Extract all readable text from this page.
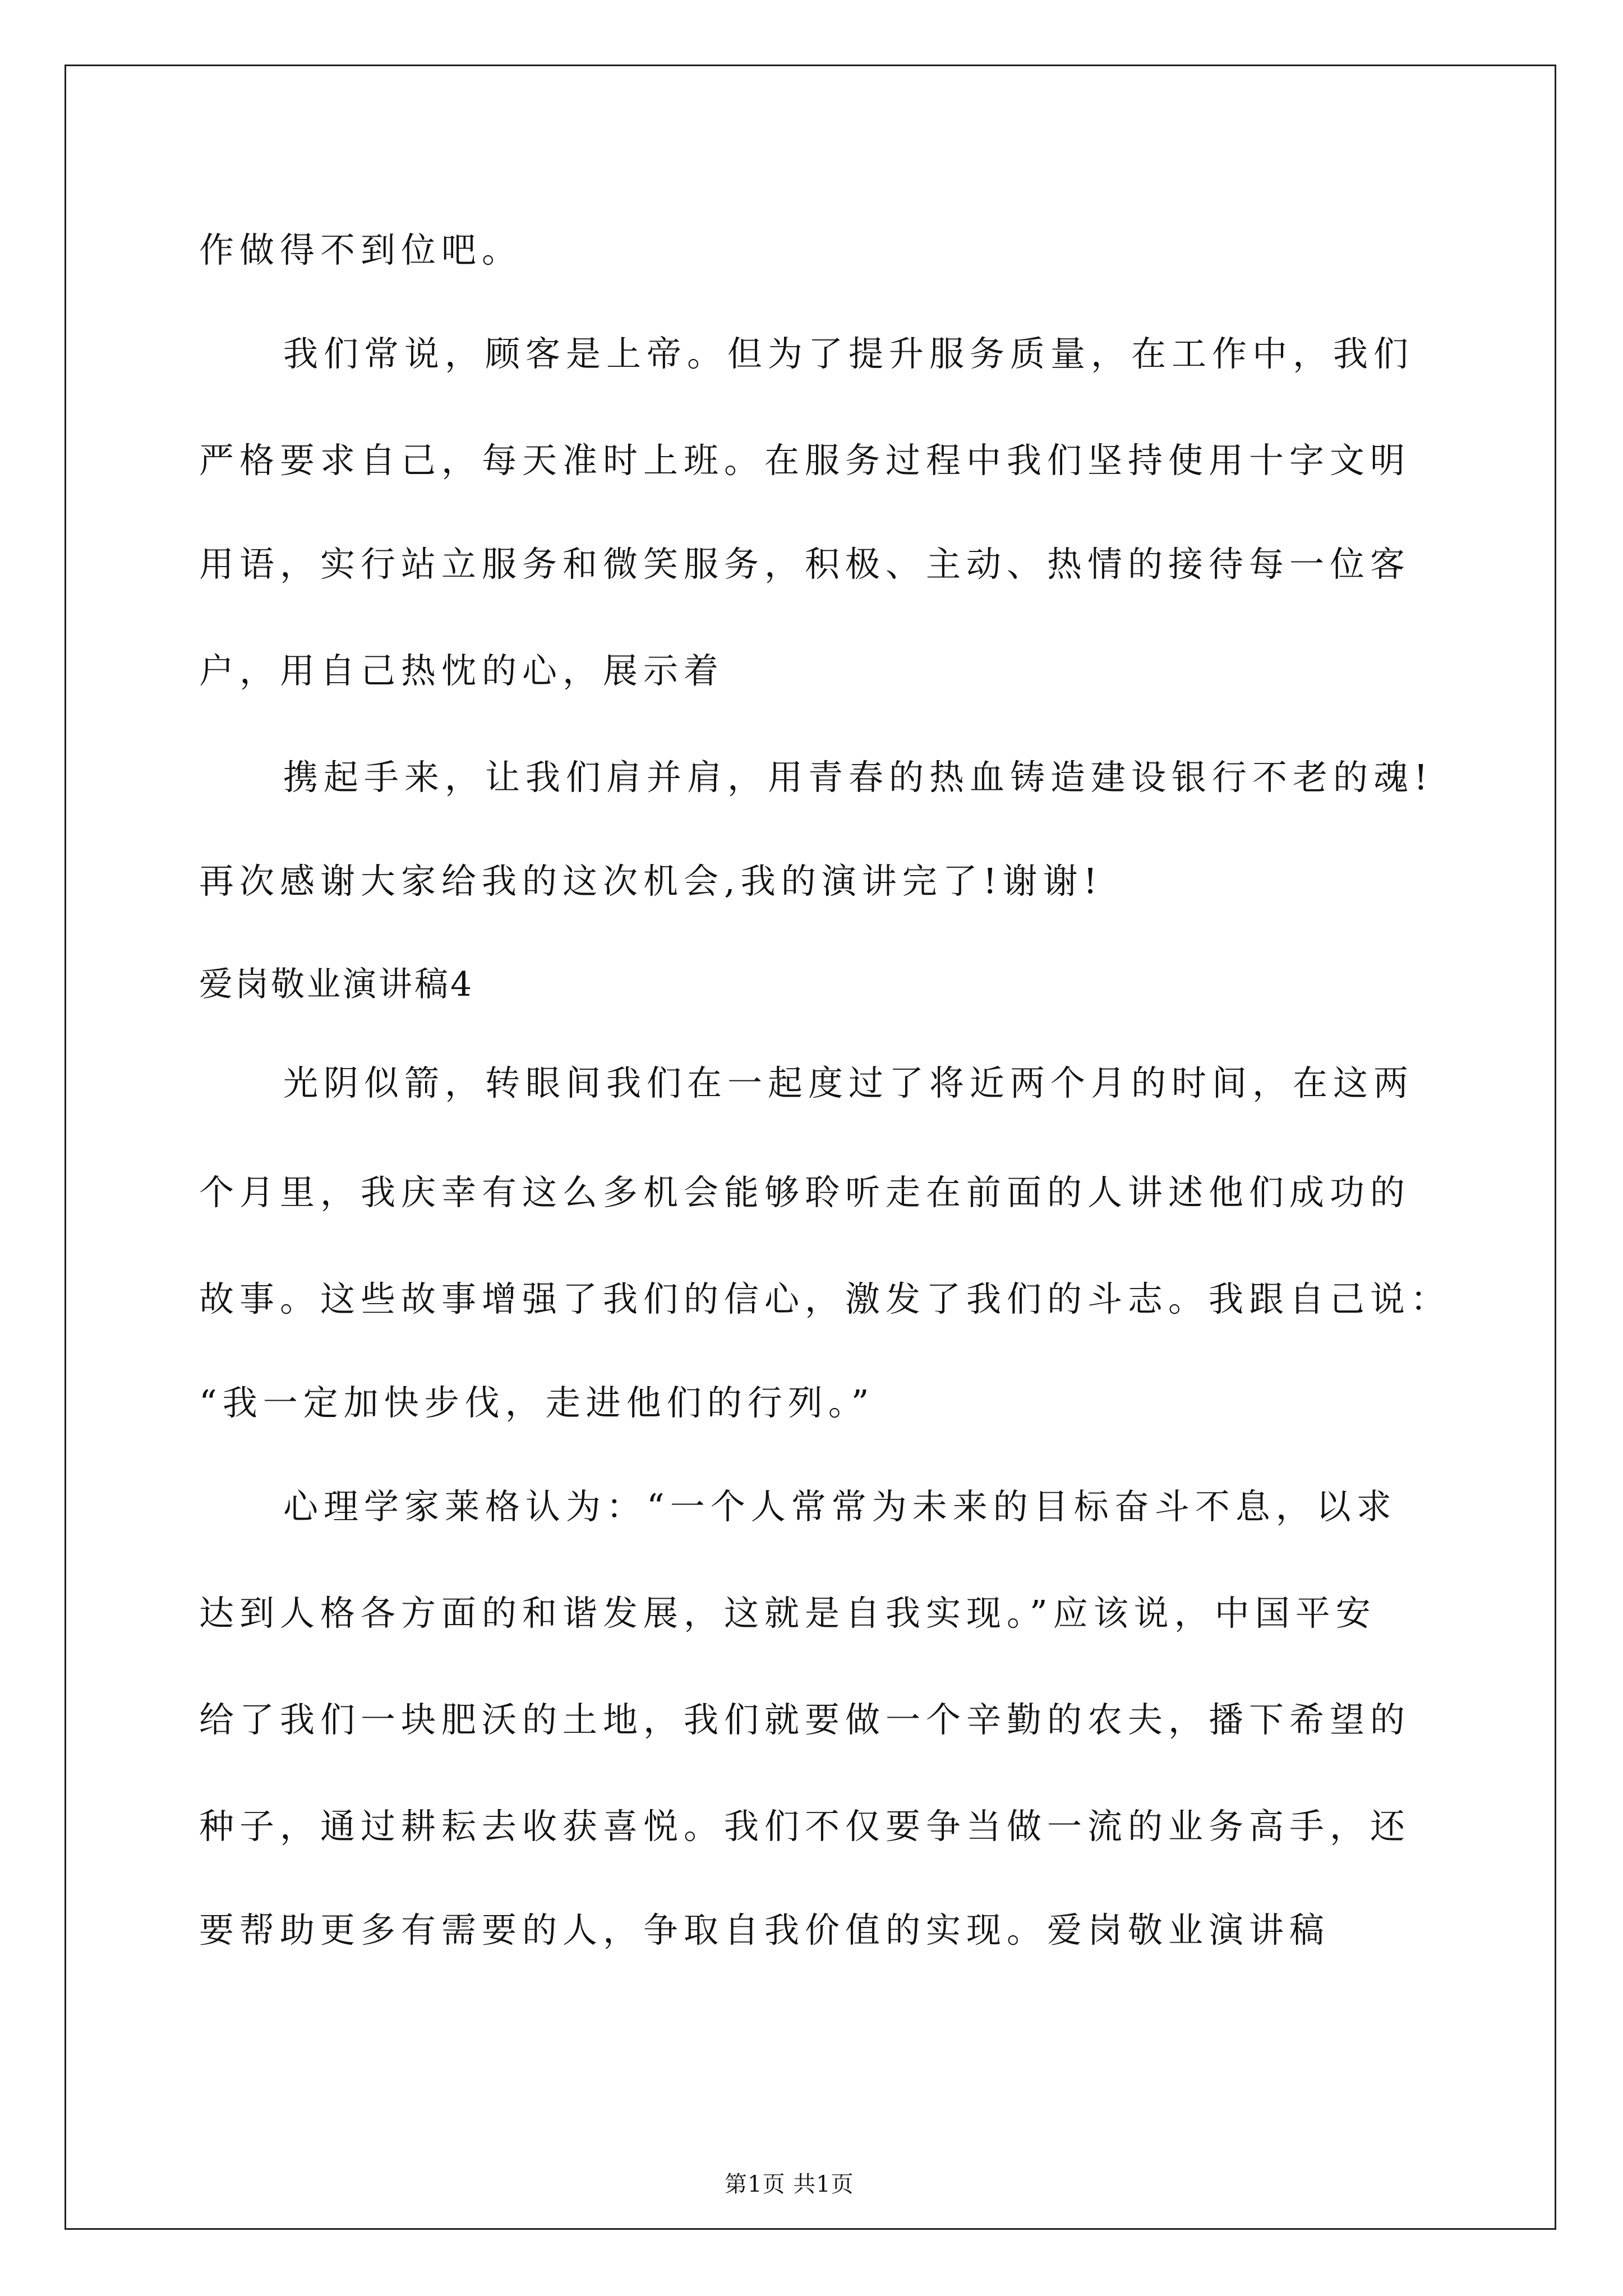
作做得不到位吧。
我们常说，顾客是上帝。但为了提升服务质量，在工作中，我们
严格要求自己，每天准时上班。在服务过程中我们坚持使用十字文明
用语，实行站立服务和微笑服务，积极、主动、热情的接待每一位客
户，用自己热忱的心，展示着
携起手来，让我们肩并肩，用青春的热血铸造建设银行不老的魂!
再次感谢大家给我的这次机会,我的演讲完了!谢谢!
爱岗敬业演讲稿4
光阴似箭，转眼间我们在一起度过了将近两个月的时间，在这两
个月里，我庆幸有这么多机会能够聆听走在前面的人讲述他们成功的
故事。这些故事增强了我们的信心，激发了我们的斗志。我跟自己说：
“我一定加快步伐，走进他们的行列。”
心理学家莱格认为：“一个人常常为未来的目标奋斗不息，以求
达到人格各方面的和谐发展，这就是自我实现。”应该说，中国平安
给了我们一块肥沃的土地，我们就要做一个辛勤的农夫，播下希望的
种子，通过耕耘去收获喜悦。我们不仅要争当做一流的业务高手，还
要帮助更多有需要的人，争取自我价值的实现。爱岗敬业演讲稿
第1页 共1页
